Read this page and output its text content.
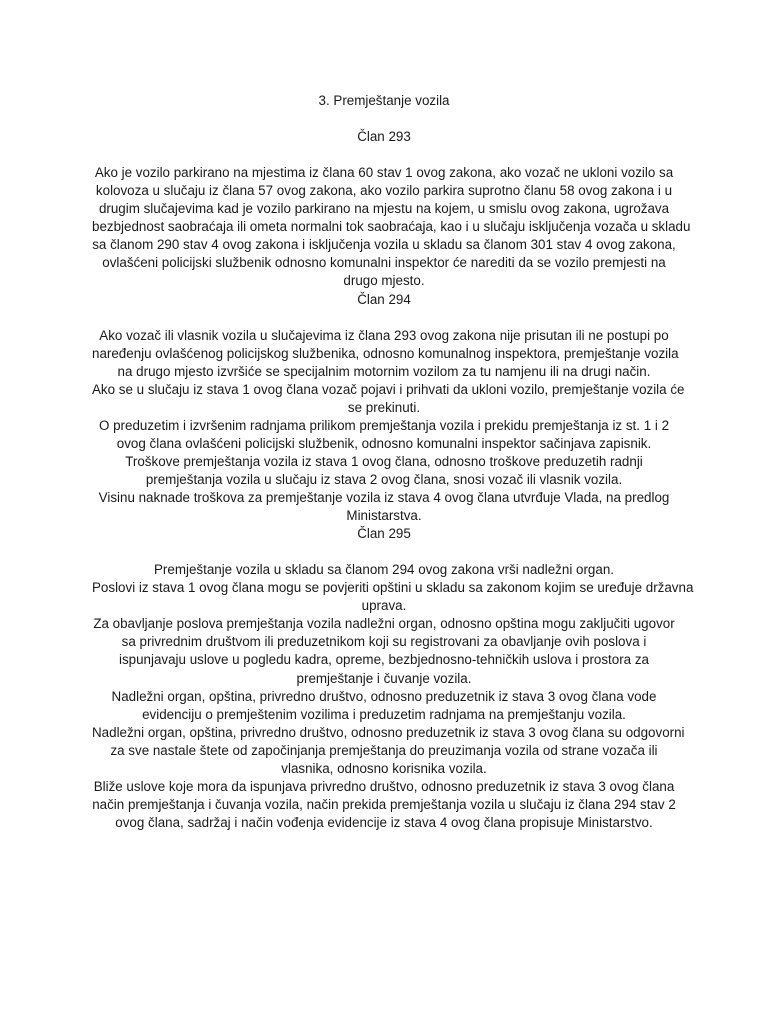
3. Premještanje vozila
Član 293
Ako je vozilo parkirano na mjestima iz člana 60 stav 1 ovog zakona, ako vozač ne ukloni vozilo sa
kolovoza u slučaju iz člana 57 ovog zakona, ako vozilo parkira suprotno članu 58 ovog zakona i u
drugim slučajevima kad je vozilo parkirano na mjestu na kojem, u smislu ovog zakona, ugrožava
bezbjednost saobraćaja ili ometa normalni tok saobraćaja, kao i u slučaju isključenja vozača u skladu
sa članom 290 stav 4 ovog zakona i isključenja vozila u skladu sa članom 301 stav 4 ovog zakona,
ovlašćeni policijski službenik odnosno komunalni inspektor će narediti da se vozilo premjesti na
drugo mjesto.
Član 294
Ako vozač ili vlasnik vozila u slučajevima iz člana 293 ovog zakona nije prisutan ili ne postupi po
naređenju ovlašćenog policijskog službenika, odnosno komunalnog inspektora, premještanje vozila
na drugo mjesto izvršiće se specijalnim motornim vozilom za tu namjenu ili na drugi način.
Ako se u slučaju iz stava 1 ovog člana vozač pojavi i prihvati da ukloni vozilo, premještanje vozila će
se prekinuti.
O preduzetim i izvršenim radnjama prilikom premještanja vozila i prekidu premještanja iz st. 1 i 2
ovog člana ovlašćeni policijski službenik, odnosno komunalni inspektor sačinjava zapisnik.
Troškove premještanja vozila iz stava 1 ovog člana, odnosno troškove preduzetih radnji
premještanja vozila u slučaju iz stava 2 ovog člana, snosi vozač ili vlasnik vozila.
Visinu naknade troškova za premještanje vozila iz stava 4 ovog člana utvrđuje Vlada, na predlog
Ministarstva.
Član 295
Premještanje vozila u skladu sa članom 294 ovog zakona vrši nadležni organ.
Poslovi iz stava 1 ovog člana mogu se povjeriti opštini u skladu sa zakonom kojim se uređuje državna
uprava.
Za obavljanje poslova premještanja vozila nadležni organ, odnosno opština mogu zaključiti ugovor
sa privrednim društvom ili preduzetnikom koji su registrovani za obavljanje ovih poslova i
ispunjavaju uslove u pogledu kadra, opreme, bezbjednosno-tehničkih uslova i prostora za
premještanje i čuvanje vozila.
Nadležni organ, opština, privredno društvo, odnosno preduzetnik iz stava 3 ovog člana vode
evidenciju o premještenim vozilima i preduzetim radnjama na premještanju vozila.
Nadležni organ, opština, privredno društvo, odnosno preduzetnik iz stava 3 ovog člana su odgovorni
za sve nastale štete od započinjanja premještanja do preuzimanja vozila od strane vozača ili
vlasnika, odnosno korisnika vozila.
Bliže uslove koje mora da ispunjava privredno društvo, odnosno preduzetnik iz stava 3 ovog člana
način premještanja i čuvanja vozila, način prekida premještanja vozila u slučaju iz člana 294 stav 2
ovog člana, sadržaj i način vođenja evidencije iz stava 4 ovog člana propisuje Ministarstvo.
